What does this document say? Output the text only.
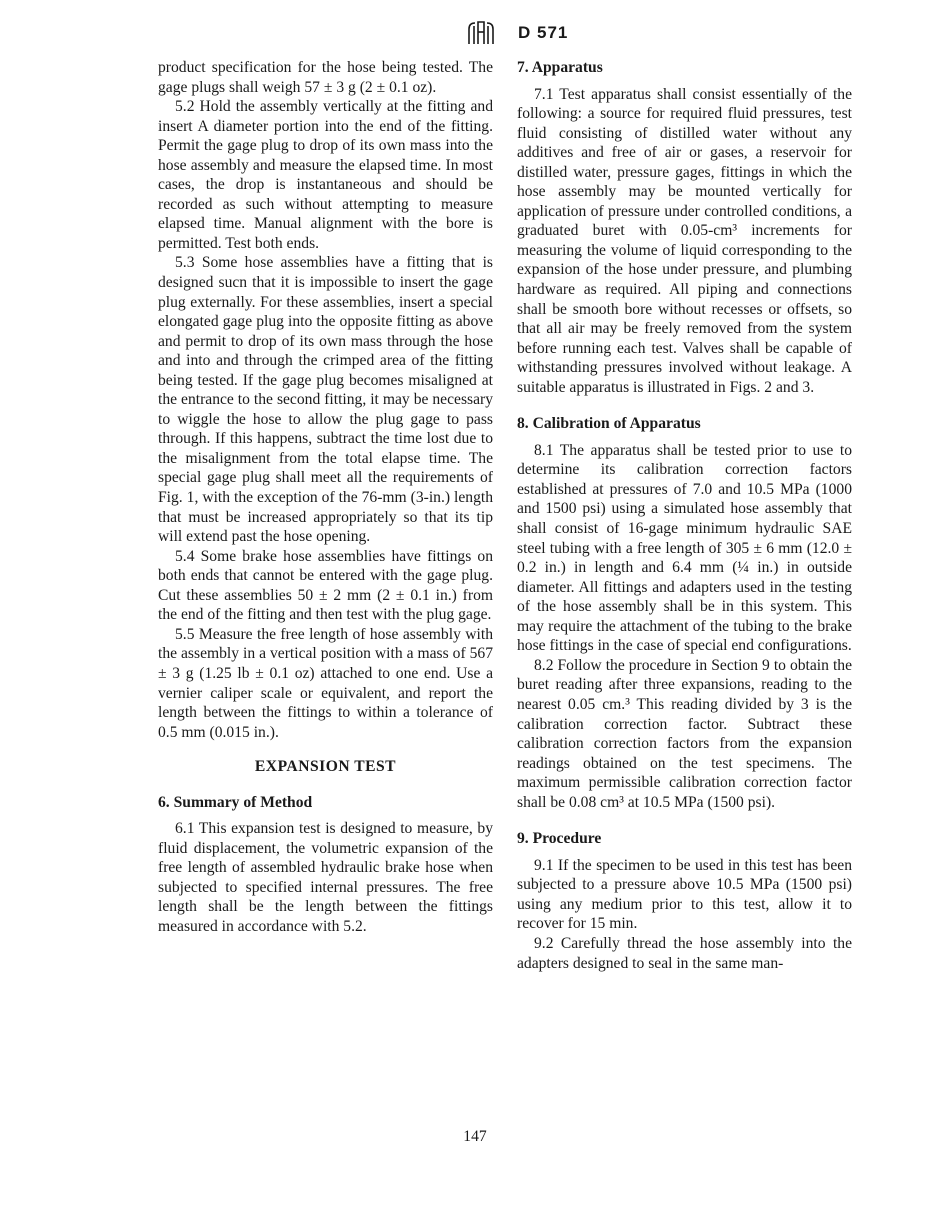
D 571

product specification for the hose being tested. The gage plugs shall weigh 57 ± 3 g (2 ± 0.1 oz).

5.2 Hold the assembly vertically at the fitting and insert A diameter portion into the end of the fitting. Permit the gage plug to drop of its own mass into the hose assembly and measure the elapsed time. In most cases, the drop is instantaneous and should be recorded as such without attempting to measure elapsed time. Manual alignment with the bore is permitted. Test both ends.

5.3 Some hose assemblies have a fitting that is designed sucn that it is impossible to insert the gage plug externally. For these assemblies, insert a special elongated gage plug into the opposite fitting as above and permit to drop of its own mass through the hose and into and through the crimped area of the fitting being tested. If the gage plug becomes misaligned at the entrance to the second fitting, it may be necessary to wiggle the hose to allow the plug gage to pass through. If this happens, subtract the time lost due to the misalignment from the total elapse time. The special gage plug shall meet all the requirements of Fig. 1, with the exception of the 76-mm (3-in.) length that must be increased appropriately so that its tip will extend past the hose opening.

5.4 Some brake hose assemblies have fittings on both ends that cannot be entered with the gage plug. Cut these assemblies 50 ± 2 mm (2 ± 0.1 in.) from the end of the fitting and then test with the plug gage.

5.5 Measure the free length of hose assembly with the assembly in a vertical position with a mass of 567 ± 3 g (1.25 lb ± 0.1 oz) attached to one end. Use a vernier caliper scale or equivalent, and report the length between the fittings to within a tolerance of 0.5 mm (0.015 in.).

EXPANSION TEST
6. Summary of Method

6.1 This expansion test is designed to measure, by fluid displacement, the volumetric expansion of the free length of assembled hydraulic brake hose when subjected to specified internal pressures. The free length shall be the length between the fittings measured in accordance with 5.2.

7. Apparatus

7.1 Test apparatus shall consist essentially of the following: a source for required fluid pressures, test fluid consisting of distilled water without any additives and free of air or gases, a reservoir for distilled water, pressure gages, fittings in which the hose assembly may be mounted vertically for application of pressure under controlled conditions, a graduated buret with 0.05-cm³ increments for measuring the volume of liquid corresponding to the expansion of the hose under pressure, and plumbing hardware as required. All piping and connections shall be smooth bore without recesses or offsets, so that all air may be freely removed from the system before running each test. Valves shall be capable of withstanding pressures involved without leakage. A suitable apparatus is illustrated in Figs. 2 and 3.

8. Calibration of Apparatus

8.1 The apparatus shall be tested prior to use to determine its calibration correction factors established at pressures of 7.0 and 10.5 MPa (1000 and 1500 psi) using a simulated hose assembly that shall consist of 16-gage minimum hydraulic SAE steel tubing with a free length of 305 ± 6 mm (12.0 ± 0.2 in.) in length and 6.4 mm (¼ in.) in outside diameter. All fittings and adapters used in the testing of the hose assembly shall be in this system. This may require the attachment of the tubing to the brake hose fittings in the case of special end configurations.

8.2 Follow the procedure in Section 9 to obtain the buret reading after three expansions, reading to the nearest 0.05 cm.³ This reading divided by 3 is the calibration correction factor. Subtract these calibration correction factors from the expansion readings obtained on the test specimens. The maximum permissible calibration correction factor shall be 0.08 cm³ at 10.5 MPa (1500 psi).

9. Procedure

9.1 If the specimen to be used in this test has been subjected to a pressure above 10.5 MPa (1500 psi) using any medium prior to this test, allow it to recover for 15 min.

9.2 Carefully thread the hose assembly into the adapters designed to seal in the same man-

147
